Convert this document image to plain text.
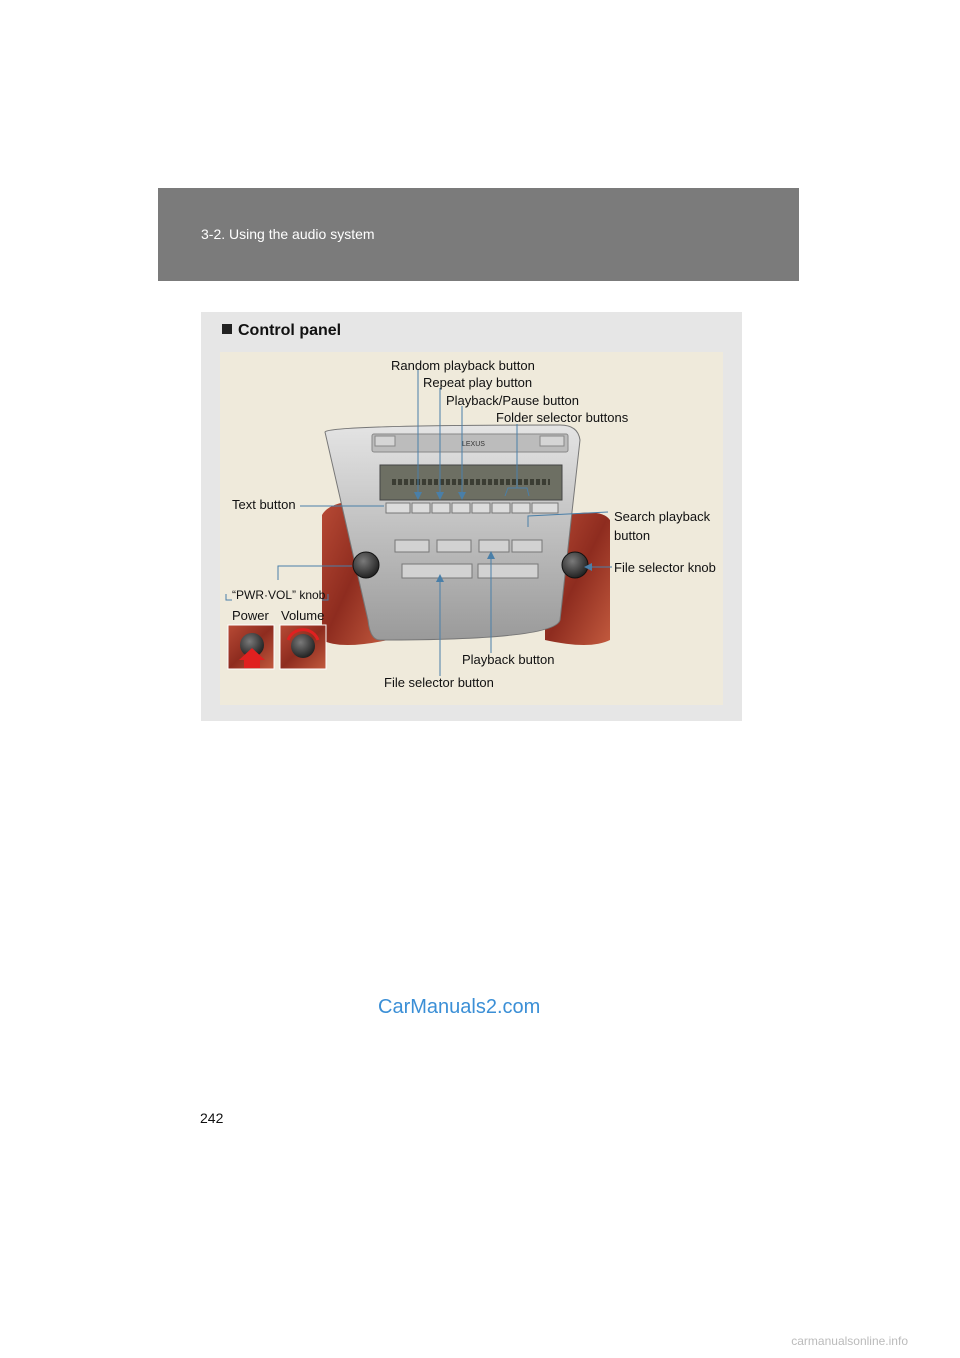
3-2. Using the audio system
Control panel
LEXUS
Random playback button
Repeat play button
Playback/Pause button
Folder selector buttons
Text button
Search playback
button
File selector knob
“PWR·VOL” knob
Power Volume
Playback button
File selector button
242
CarManuals2.com
carmanualsonline.info
